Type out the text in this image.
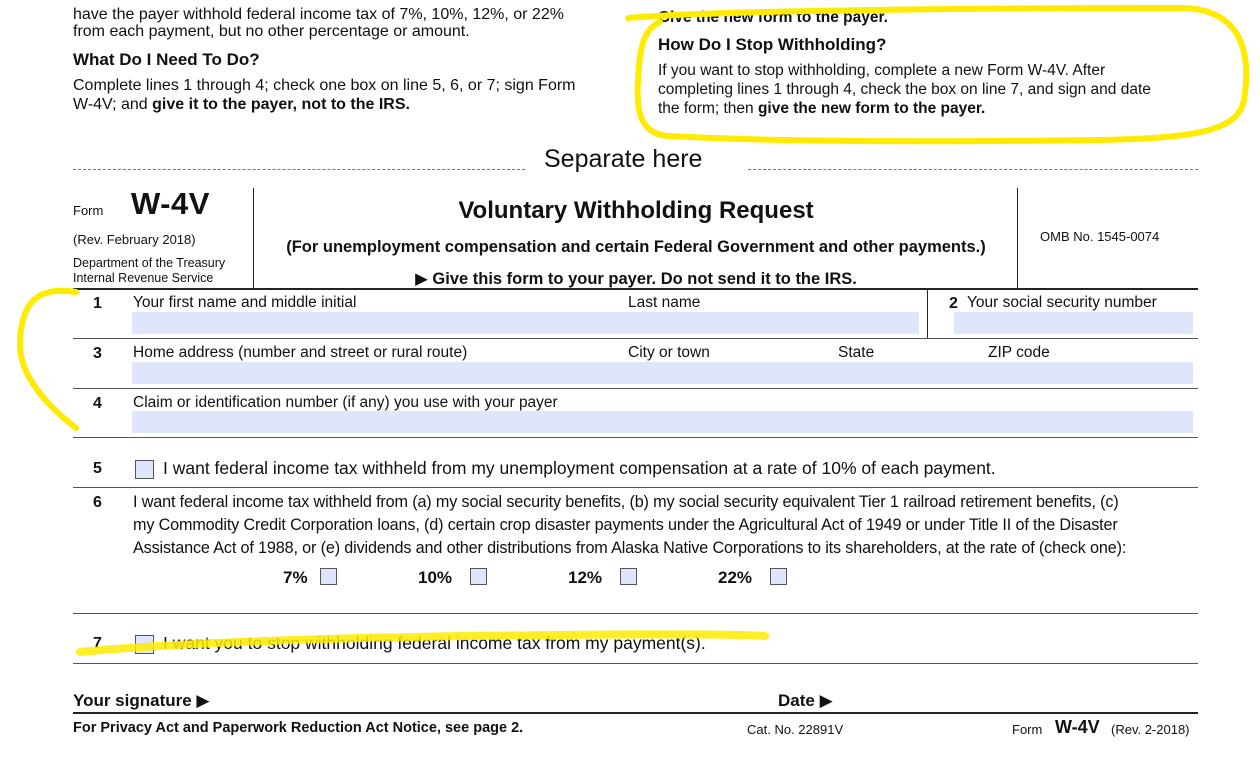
have the payer withhold federal income tax of 7%, 10%, 12%, or 22%
from each payment, but no other percentage or amount.
What Do I Need To Do?
Complete lines 1 through 4; check one box on line 5, 6, or 7; sign Form
W-4V; and give it to the payer, not to the IRS.
Give the new form to the payer.
How Do I Stop Withholding?
If you want to stop withholding, complete a new Form W-4V. After
completing lines 1 through 4, check the box on line 7, and sign and date
the form; then give the new form to the payer.
Separate here
Form W-4V
(Rev. February 2018)
Department of the Treasury
Internal Revenue Service
Voluntary Withholding Request
(For unemployment compensation and certain Federal Government and other payments.)
▶ Give this form to your payer. Do not send it to the IRS.
OMB No. 1545-0074
1 Your first name and middle initial	Last name	2 Your social security number
3 Home address (number and street or rural route)	City or town	State	ZIP code
4 Claim or identification number (if any) you use with your payer
5	I want federal income tax withheld from my unemployment compensation at a rate of 10% of each payment.
6 I want federal income tax withheld from (a) my social security benefits, (b) my social security equivalent Tier 1 railroad retirement benefits, (c)
my Commodity Credit Corporation loans, (d) certain crop disaster payments under the Agricultural Act of 1949 or under Title II of the Disaster
Assistance Act of 1988, or (e) dividends and other distributions from Alaska Native Corporations to its shareholders, at the rate of (check one):
7%	10%	12%	22%
7	I want you to stop withholding federal income tax from my payment(s).
Your signature ▶	Date ▶
For Privacy Act and Paperwork Reduction Act Notice, see page 2.	Cat. No. 22891V	Form W-4V (Rev. 2-2018)
